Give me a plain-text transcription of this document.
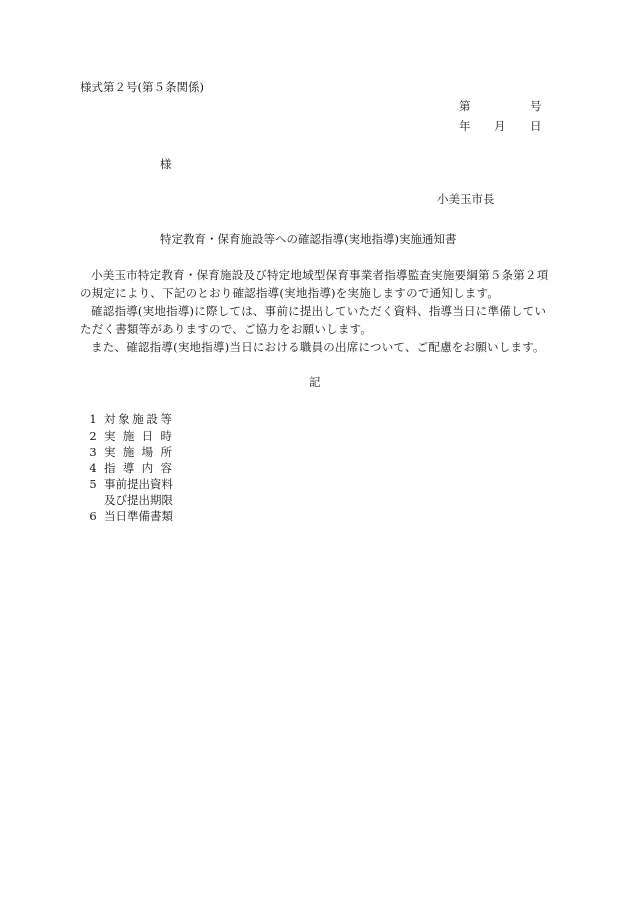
様式第２号(第５条関係)
第	号
年 月 日
様
小美玉市長
特定教育・保育施設等への確認指導(実地指導)実施通知書
小美玉市特定教育・保育施設及び特定地域型保育事業者指導監査実施要綱第５条第２項の規定により、下記のとおり確認指導(実地指導)を実施しますので通知します。
確認指導(実地指導)に際しては、事前に提出していただく資料、指導当日に準備していただく書類等がありますので、ご協力をお願いします。
また、確認指導(実地指導)当日における職員の出席について、ご配慮をお願いします。
記
1 対 象 施 設 等
2 実 施 日 時
3 実 施 場 所
4 指 導 内 容
5 事前提出資料
及び提出期限
6 当日準備書類
